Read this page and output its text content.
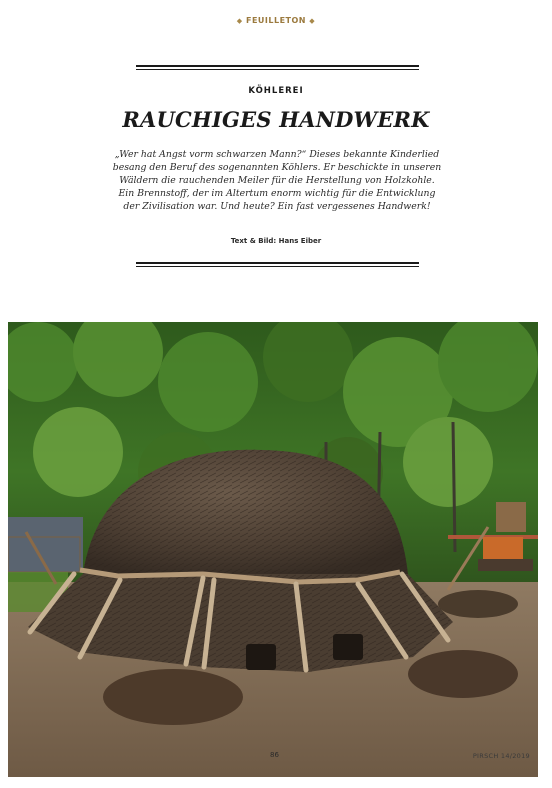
◆ FEUILLETON ◆
KÖHLEREI
RAUCHIGES HANDWERK
„Wer hat Angst vorm schwarzen Mann?“ Dieses bekannte Kinderlied
besang den Beruf des sogenannten Köhlers. Er beschickte in unseren
Wäldern die rauchenden Meiler für die Herstellung von Holzkohle.
Ein Brennstoff, der im Altertum enorm wichtig für die Entwicklung
der Zivilisation war. Und heute? Ein fast vergessenes Handwerk!
Text & Bild: Hans Eiber
86	PIRSCH 14/2019
